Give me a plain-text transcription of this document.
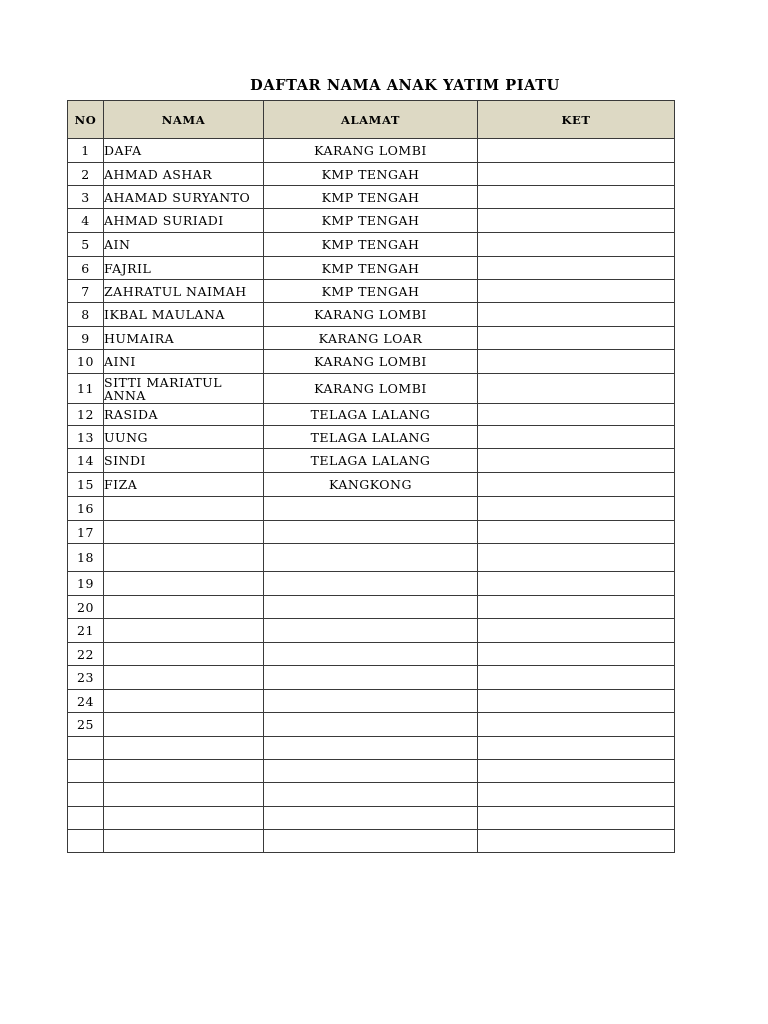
DAFTAR NAMA ANAK YATIM PIATU
NO	NAMA	ALAMAT	KET
1	DAFA	KARANG LOMBI	
2	AHMAD ASHAR	KMP TENGAH	
3	AHAMAD SURYANTO	KMP TENGAH	
4	AHMAD SURIADI	KMP TENGAH	
5	AIN	KMP TENGAH	
6	FAJRIL	KMP TENGAH	
7	ZAHRATUL NAIMAH	KMP TENGAH	
8	IKBAL MAULANA	KARANG LOMBI	
9	HUMAIRA	KARANG LOAR	
10	AINI	KARANG LOMBI	
11	SITTI MARIATUL ANNA	KARANG LOMBI	
12	RASIDA	TELAGA LALANG	
13	UUNG	TELAGA LALANG	
14	SINDI	TELAGA LALANG	
15	FIZA	KANGKONG	
16			
17			
18			
19			
20			
21			
22			
23			
24			
25			
